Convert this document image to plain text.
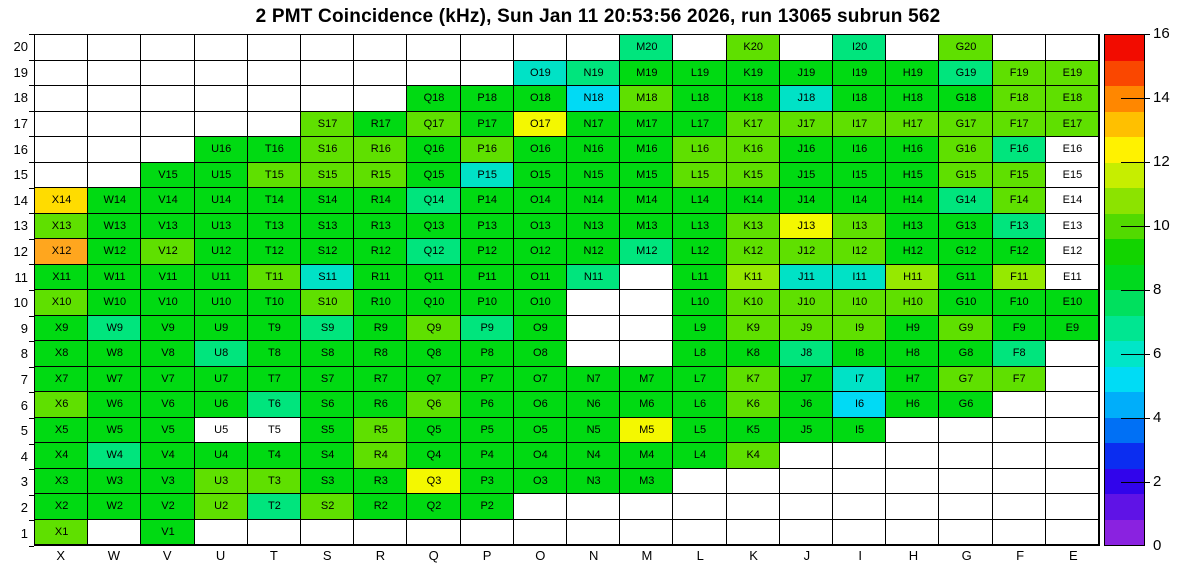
2 PMT Coincidence (kHz), Sun Jan 11 20:53:56 2026, run 13065 subrun 562
20
19
18
17
16
15
14
13
12
11
10
9
8
7
6
5
4
3
2
1
M20	K20	I20	G20
O19	N19	M19	L19	K19	J19	I19	H19	G19	F19	E19
Q18	P18	O18	N18	M18	L18	K18	J18	I18	H18	G18	F18	E18
S17	R17	Q17	P17	O17	N17	M17	L17	K17	J17	I17	H17	G17	F17	E17
U16	T16	S16	R16	Q16	P16	O16	N16	M16	L16	K16	J16	I16	H16	G16	F16	E16
V15	U15	T15	S15	R15	Q15	P15	O15	N15	M15	L15	K15	J15	I15	H15	G15	F15	E15
X14	W14	V14	U14	T14	S14	R14	Q14	P14	O14	N14	M14	L14	K14	J14	I14	H14	G14	F14	E14
X13	W13	V13	U13	T13	S13	R13	Q13	P13	O13	N13	M13	L13	K13	J13	I13	H13	G13	F13	E13
X12	W12	V12	U12	T12	S12	R12	Q12	P12	O12	N12	M12	L12	K12	J12	I12	H12	G12	F12	E12
X11	W11	V11	U11	T11	S11	R11	Q11	P11	O11	N11	L11	K11	J11	I11	H11	G11	F11	E11
X10	W10	V10	U10	T10	S10	R10	Q10	P10	O10	L10	K10	J10	I10	H10	G10	F10	E10
X9	W9	V9	U9	T9	S9	R9	Q9	P9	O9	L9	K9	J9	I9	H9	G9	F9	E9
X8	W8	V8	U8	T8	S8	R8	Q8	P8	O8	L8	K8	J8	I8	H8	G8	F8
X7	W7	V7	U7	T7	S7	R7	Q7	P7	O7	N7	M7	L7	K7	J7	I7	H7	G7	F7
X6	W6	V6	U6	T6	S6	R6	Q6	P6	O6	N6	M6	L6	K6	J6	I6	H6	G6
X5	W5	V5	U5	T5	S5	R5	Q5	P5	O5	N5	M5	L5	K5	J5	I5
X4	W4	V4	U4	T4	S4	R4	Q4	P4	O4	N4	M4	L4	K4
X3	W3	V3	U3	T3	S3	R3	Q3	P3	O3	N3	M3
X2	W2	V2	U2	T2	S2	R2	Q2	P2
X1	V1
X	W	V	U	T	S	R	Q	P	O	N	M	L	K	J	I	H	G	F	E
0
2
4
6
8
10
12
14
16
